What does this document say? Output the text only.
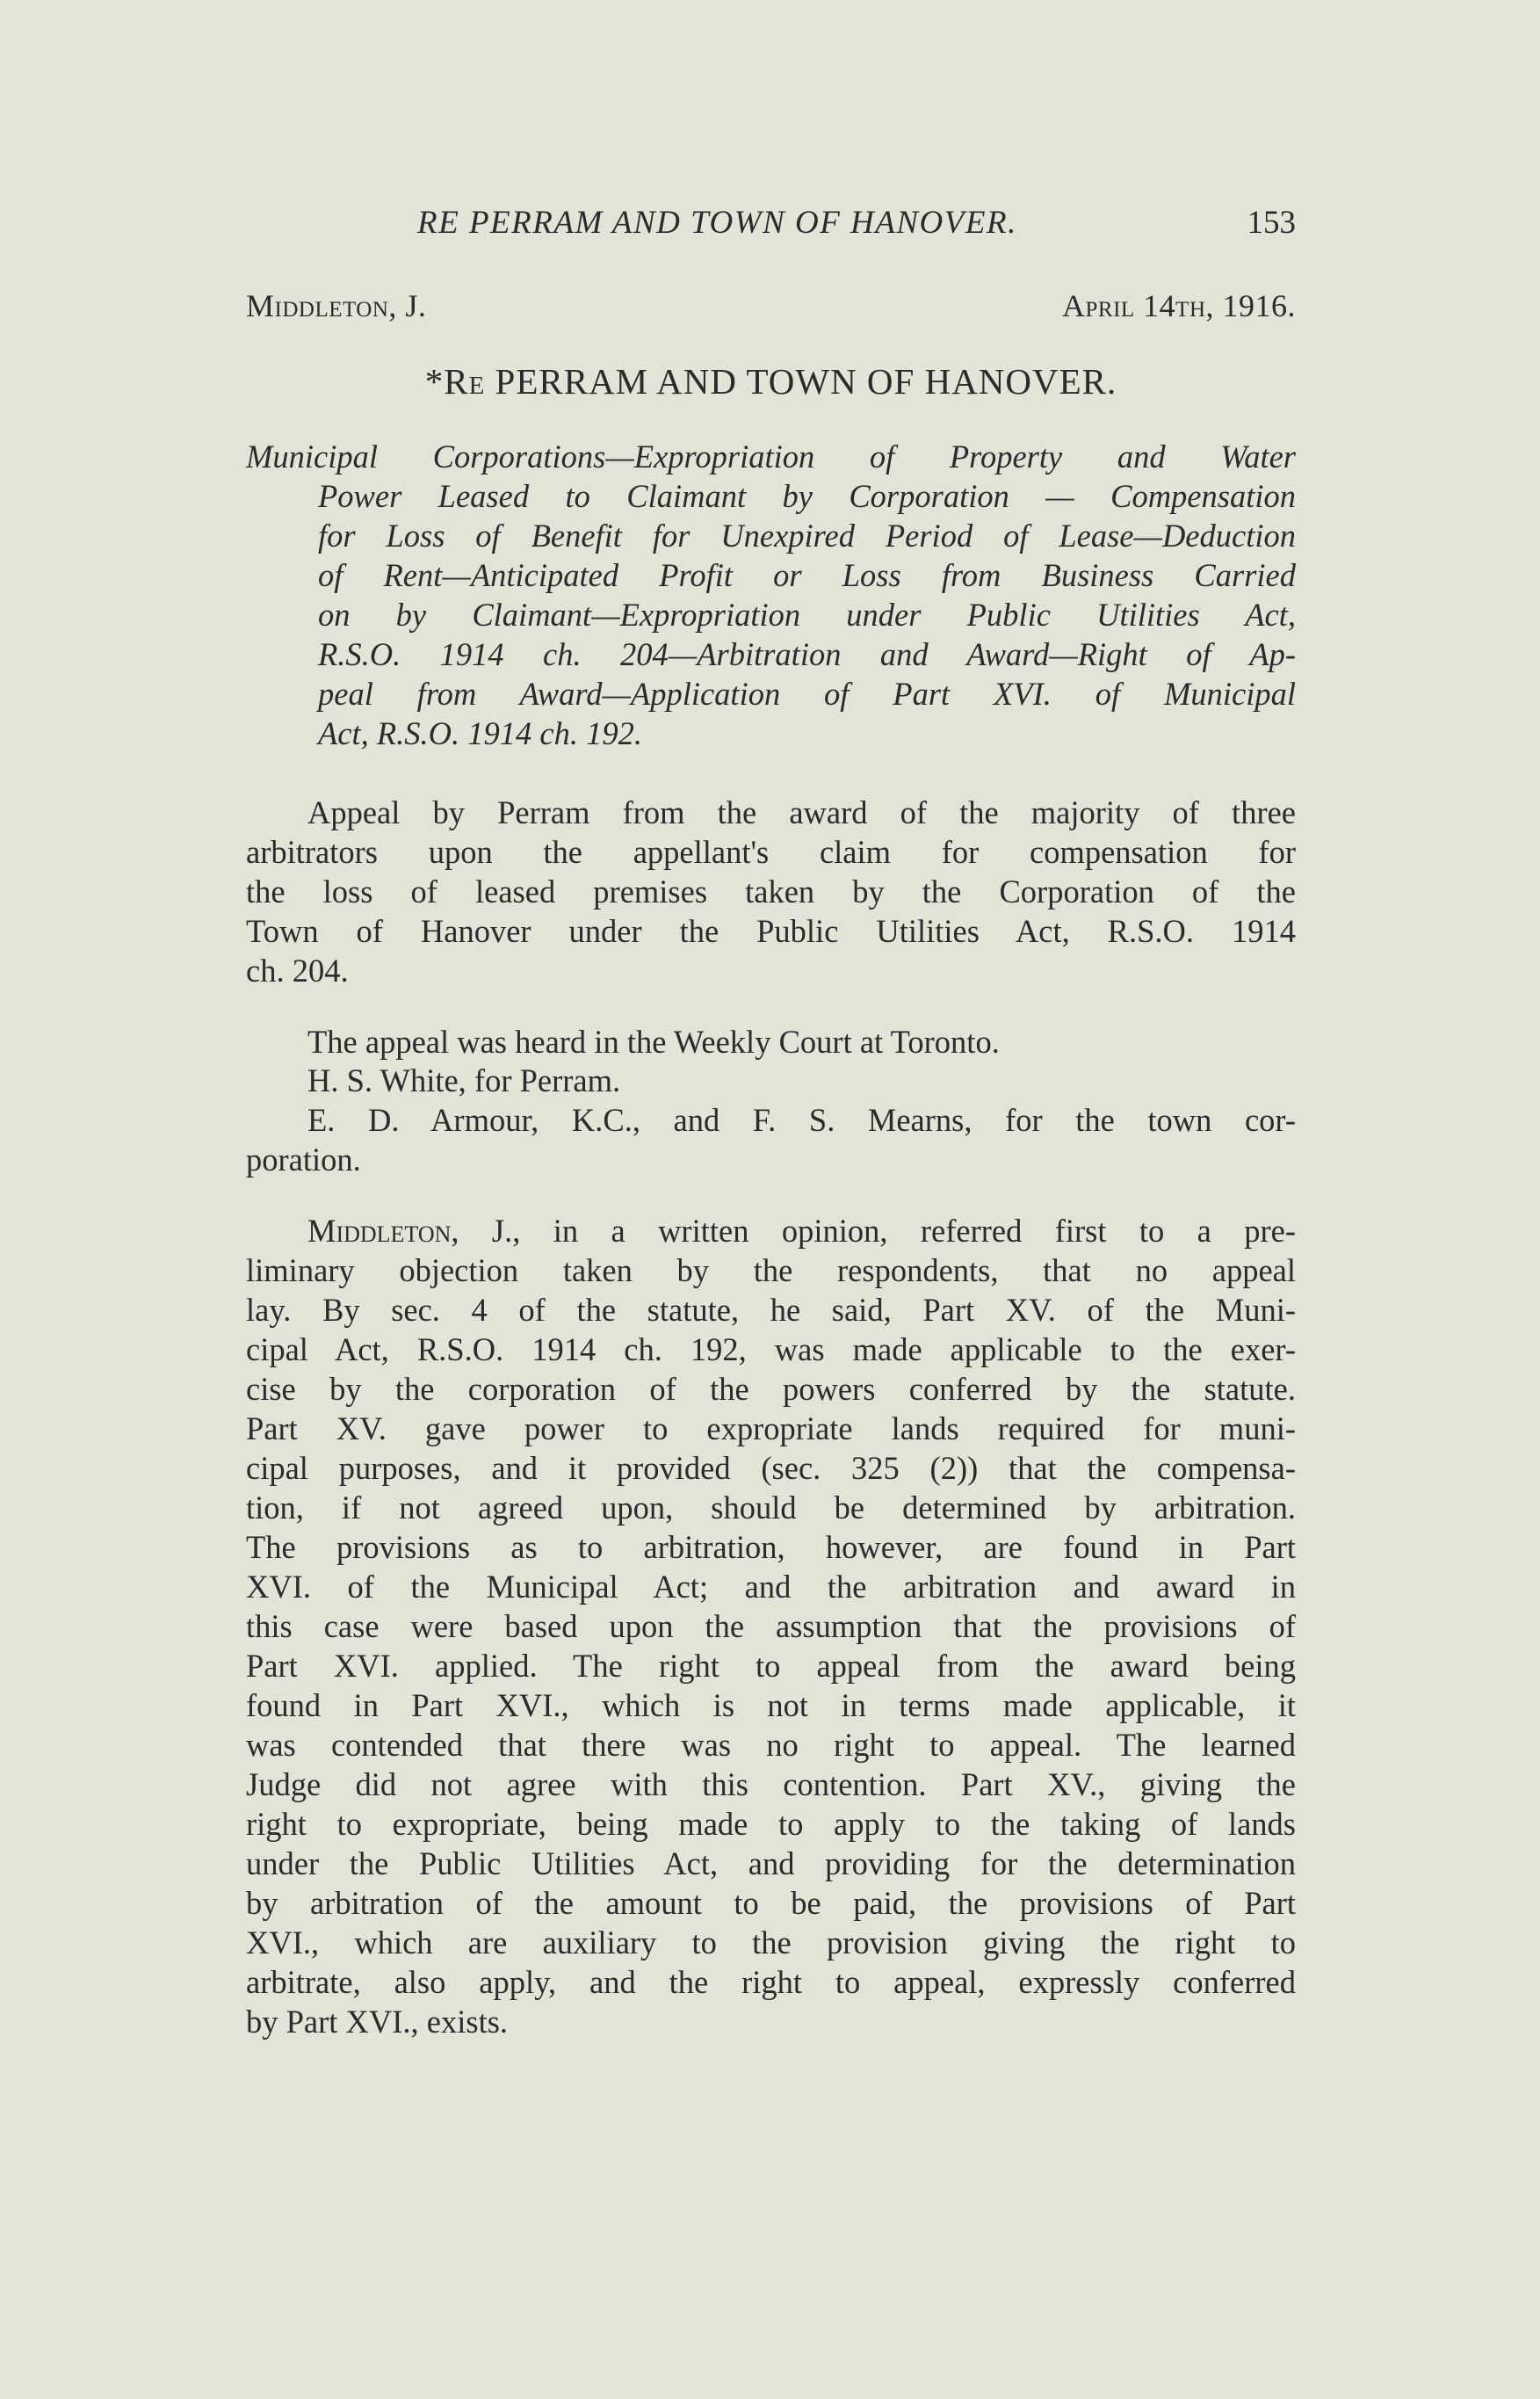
RE PERRAM AND TOWN OF HANOVER.	153
Middleton, J.	April 14th, 1916.
*Re PERRAM AND TOWN OF HANOVER.
Municipal Corporations—Expropriation of Property and Water
Power Leased to Claimant by Corporation — Compensation
for Loss of Benefit for Unexpired Period of Lease—Deduction
of Rent—Anticipated Profit or Loss from Business Carried
on by Claimant—Expropriation under Public Utilities Act,
R.S.O. 1914 ch. 204—Arbitration and Award—Right of Ap-
peal from Award—Application of Part XVI. of Municipal
Act, R.S.O. 1914 ch. 192.
Appeal by Perram from the award of the majority of three
arbitrators upon the appellant's claim for compensation for
the loss of leased premises taken by the Corporation of the
Town of Hanover under the Public Utilities Act, R.S.O. 1914
ch. 204.
The appeal was heard in the Weekly Court at Toronto.
H. S. White, for Perram.
E. D. Armour, K.C., and F. S. Mearns, for the town cor-
poration.
Middleton, J., in a written opinion, referred first to a pre-
liminary objection taken by the respondents, that no appeal
lay. By sec. 4 of the statute, he said, Part XV. of the Muni-
cipal Act, R.S.O. 1914 ch. 192, was made applicable to the exer-
cise by the corporation of the powers conferred by the statute.
Part XV. gave power to expropriate lands required for muni-
cipal purposes, and it provided (sec. 325 (2)) that the compensa-
tion, if not agreed upon, should be determined by arbitration.
The provisions as to arbitration, however, are found in Part
XVI. of the Municipal Act; and the arbitration and award in
this case were based upon the assumption that the provisions of
Part XVI. applied. The right to appeal from the award being
found in Part XVI., which is not in terms made applicable, it
was contended that there was no right to appeal. The learned
Judge did not agree with this contention. Part XV., giving the
right to expropriate, being made to apply to the taking of lands
under the Public Utilities Act, and providing for the determination
by arbitration of the amount to be paid, the provisions of Part
XVI., which are auxiliary to the provision giving the right to
arbitrate, also apply, and the right to appeal, expressly conferred
by Part XVI., exists.
